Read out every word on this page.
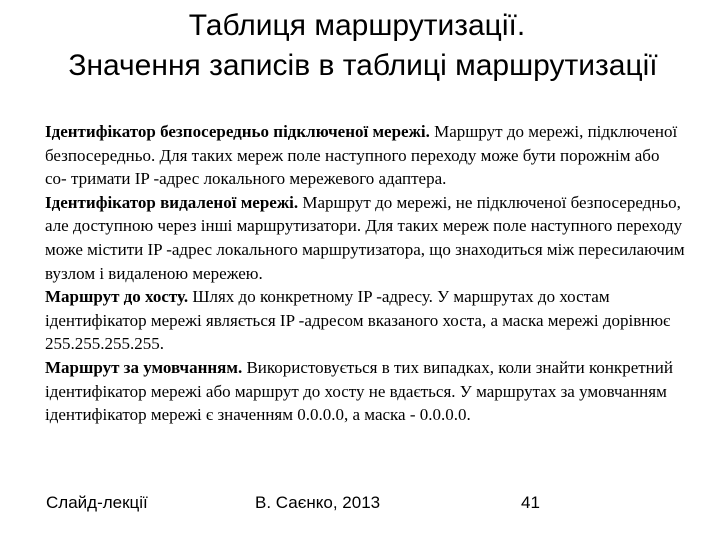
Таблиця маршрутизації.
Значення записів в таблиці маршрутизації

Ідентифікатор безпосередньо підключеної мережі. Маршрут до мережі, підключеної безпосередньо. Для таких мереж поле наступного переходу може бути порожнім або со- тримати IP -адрес локального мережевого адаптера.

Ідентифікатор видаленої мережі. Маршрут до мережі, не підключеної безпосередньо, але доступною через інші маршрутизатори. Для таких мереж поле наступного переходу може містити IP -адрес локального маршрутизатора, що знаходиться між пересилаючим вузлом і видаленою мережею.

Маршрут до хосту. Шлях до конкретному IP -адресу. У маршрутах до хостам ідентифікатор мережі являється IP -адресом вказаного хоста, а маска мережі дорівнює 255.255.255.255.

Маршрут за умовчанням. Використовується в тих випадках, коли знайти конкретний ідентифікатор мережі або маршрут до хосту не вдається. У маршрутах за умовчанням ідентифікатор мережі є значенням 0.0.0.0, а маска - 0.0.0.0.

Слайд-лекції	В. Саєнко, 2013	41
